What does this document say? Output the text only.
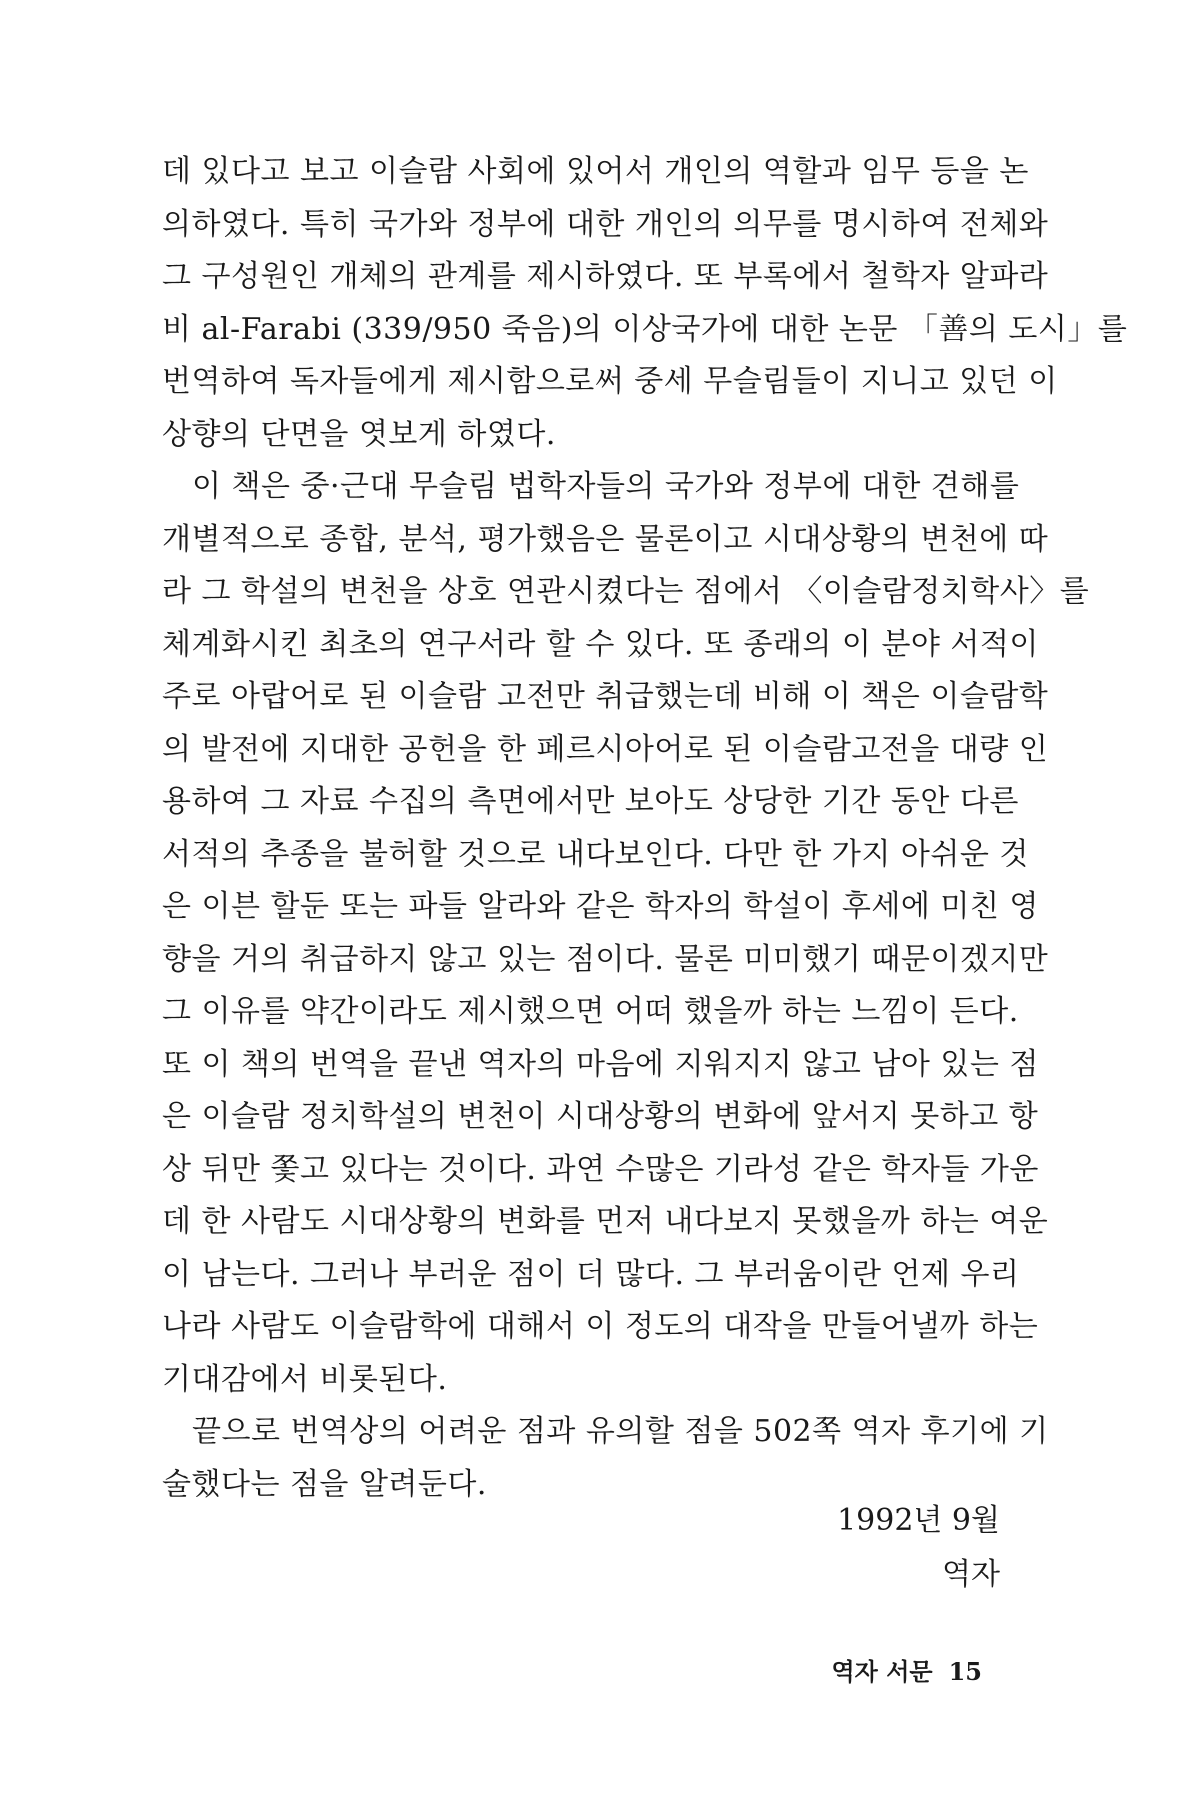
데 있다고 보고 이슬람 사회에 있어서 개인의 역할과 임무 등을 논
의하였다. 특히 국가와 정부에 대한 개인의 의무를 명시하여 전체와
그 구성원인 개체의 관계를 제시하였다. 또 부록에서 철학자 알파라
비 al-Farabi (339/950 죽음)의 이상국가에 대한 논문 「善의 도시」를
번역하여 독자들에게 제시함으로써 중세 무슬림들이 지니고 있던 이
상향의 단면을 엿보게 하였다.
이 책은 중·근대 무슬림 법학자들의 국가와 정부에 대한 견해를
개별적으로 종합, 분석, 평가했음은 물론이고 시대상황의 변천에 따
라 그 학설의 변천을 상호 연관시켰다는 점에서 〈이슬람정치학사〉를
체계화시킨 최초의 연구서라 할 수 있다. 또 종래의 이 분야 서적이
주로 아랍어로 된 이슬람 고전만 취급했는데 비해 이 책은 이슬람학
의 발전에 지대한 공헌을 한 페르시아어로 된 이슬람고전을 대량 인
용하여 그 자료 수집의 측면에서만 보아도 상당한 기간 동안 다른
서적의 추종을 불허할 것으로 내다보인다. 다만 한 가지 아쉬운 것
은 이븐 할둔 또는 파들 알라와 같은 학자의 학설이 후세에 미친 영
향을 거의 취급하지 않고 있는 점이다. 물론 미미했기 때문이겠지만
그 이유를 약간이라도 제시했으면 어떠 했을까 하는 느낌이 든다.
또 이 책의 번역을 끝낸 역자의 마음에 지워지지 않고 남아 있는 점
은 이슬람 정치학설의 변천이 시대상황의 변화에 앞서지 못하고 항
상 뒤만 쫓고 있다는 것이다. 과연 수많은 기라성 같은 학자들 가운
데 한 사람도 시대상황의 변화를 먼저 내다보지 못했을까 하는 여운
이 남는다. 그러나 부러운 점이 더 많다. 그 부러움이란 언제 우리
나라 사람도 이슬람학에 대해서 이 정도의 대작을 만들어낼까 하는
기대감에서 비롯된다.
끝으로 번역상의 어려운 점과 유의할 점을 502쪽 역자 후기에 기
술했다는 점을 알려둔다.
1992년 9월
역자
역자 서문 15
